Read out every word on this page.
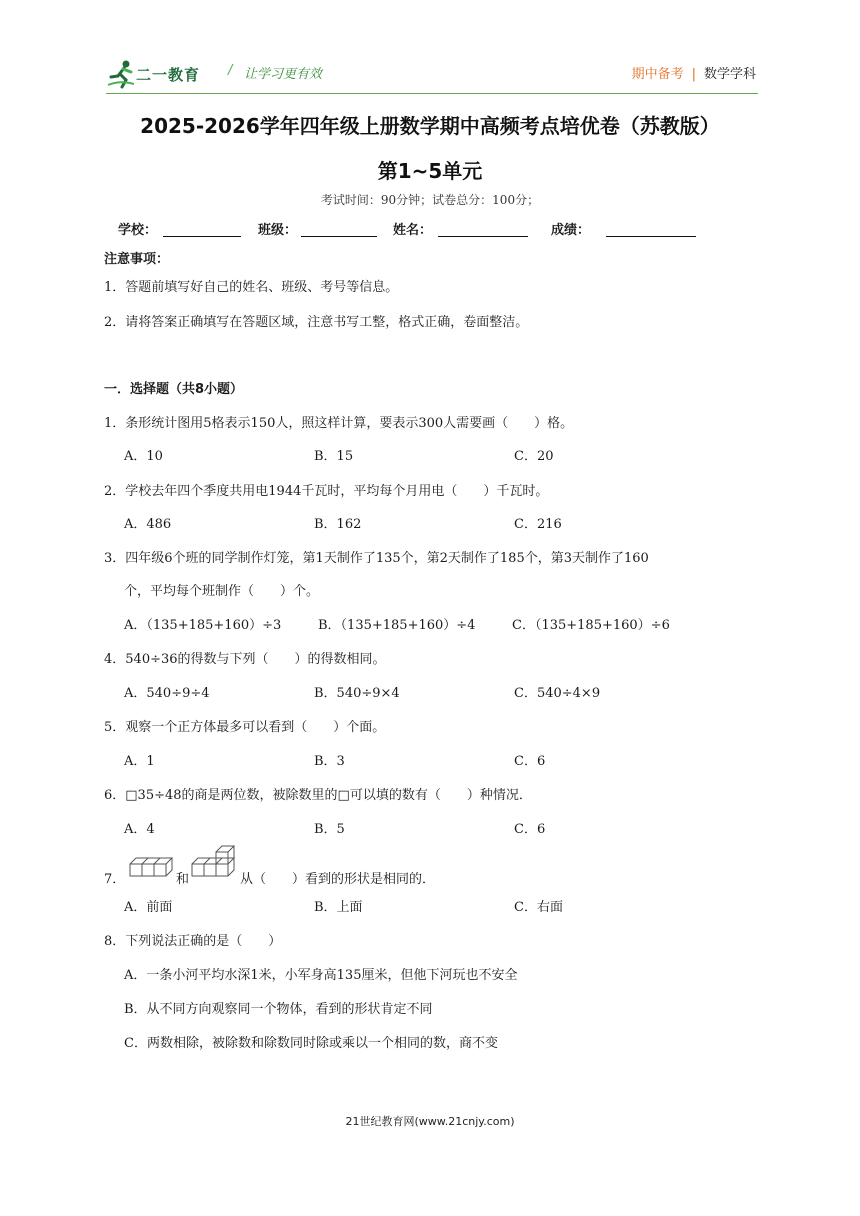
二一教育 / 让学习更有效	期中备考 | 数学学科
2025-2026学年四年级上册数学期中高频考点培优卷（苏教版）
第1~5单元
考试时间：90分钟；试卷总分：100分；
学校：	班级：	姓名：	成绩：
注意事项：
1．答题前填写好自己的姓名、班级、考号等信息。
2．请将答案正确填写在答题区域，注意书写工整，格式正确，卷面整洁。
一．选择题（共8小题）
1．条形统计图用5格表示150人，照这样计算，要表示300人需要画（　　）格。
A．10	B．15	C．20
2．学校去年四个季度共用电1944千瓦时，平均每个月用电（　　）千瓦时。
A．486	B．162	C．216
3．四年级6个班的同学制作灯笼，第1天制作了135个，第2天制作了185个，第3天制作了160
个，平均每个班制作（　　）个。
A．（135+185+160）÷3	B．（135+185+160）÷4	C．（135+185+160）÷6
4．540÷36的得数与下列（　　）的得数相同。
A．540÷9÷4	B．540÷9×4	C．540÷4×9
5．观察一个正方体最多可以看到（　　）个面。
A．1	B．3	C．6
6．□35÷48的商是两位数，被除数里的□可以填的数有（　　）种情况．
A．4	B．5	C．6
7．	和	从（　　）看到的形状是相同的．
A．前面	B．上面	C．右面
8．下列说法正确的是（　　）
A．一条小河平均水深1米，小军身高135厘米，但他下河玩也不安全
B．从不同方向观察同一个物体，看到的形状肯定不同
C．两数相除，被除数和除数同时除或乘以一个相同的数，商不变
21世纪教育网(www.21cnjy.com)
